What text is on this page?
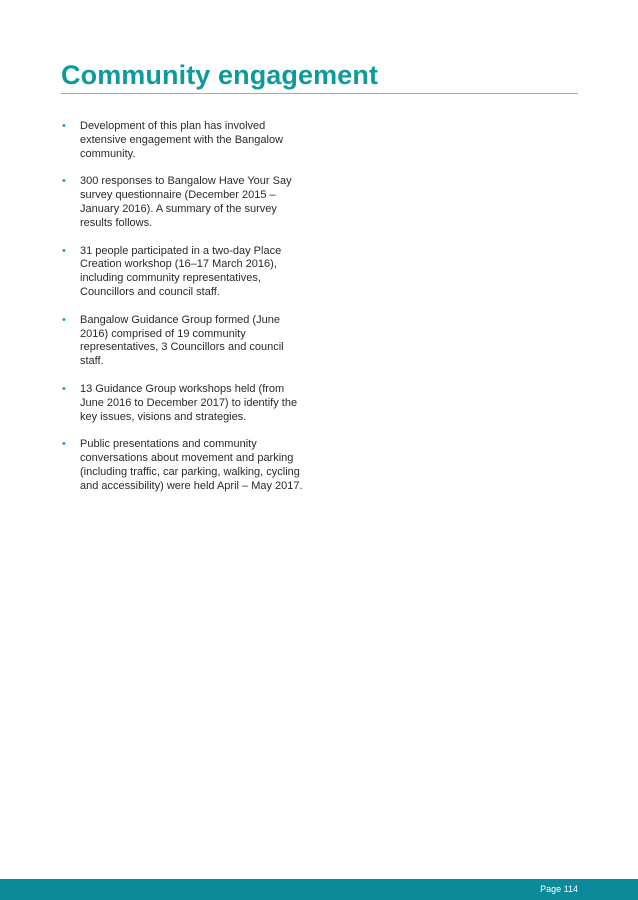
Community engagement
• Development of this plan has involved extensive engagement with the Bangalow community.
• 300 responses to Bangalow Have Your Say survey questionnaire (December 2015 – January 2016). A summary of the survey results follows.
• 31 people participated in a two-day Place Creation workshop (16–17 March 2016), including community representatives, Councillors and council staff.
• Bangalow Guidance Group formed (June 2016) comprised of 19 community representatives, 3 Councillors and council staff.
• 13 Guidance Group workshops held (from June 2016 to December 2017) to identify the key issues, visions and strategies.
• Public presentations and community conversations about movement and parking (including traffic, car parking, walking, cycling and accessibility) were held April – May 2017.
Page 114
